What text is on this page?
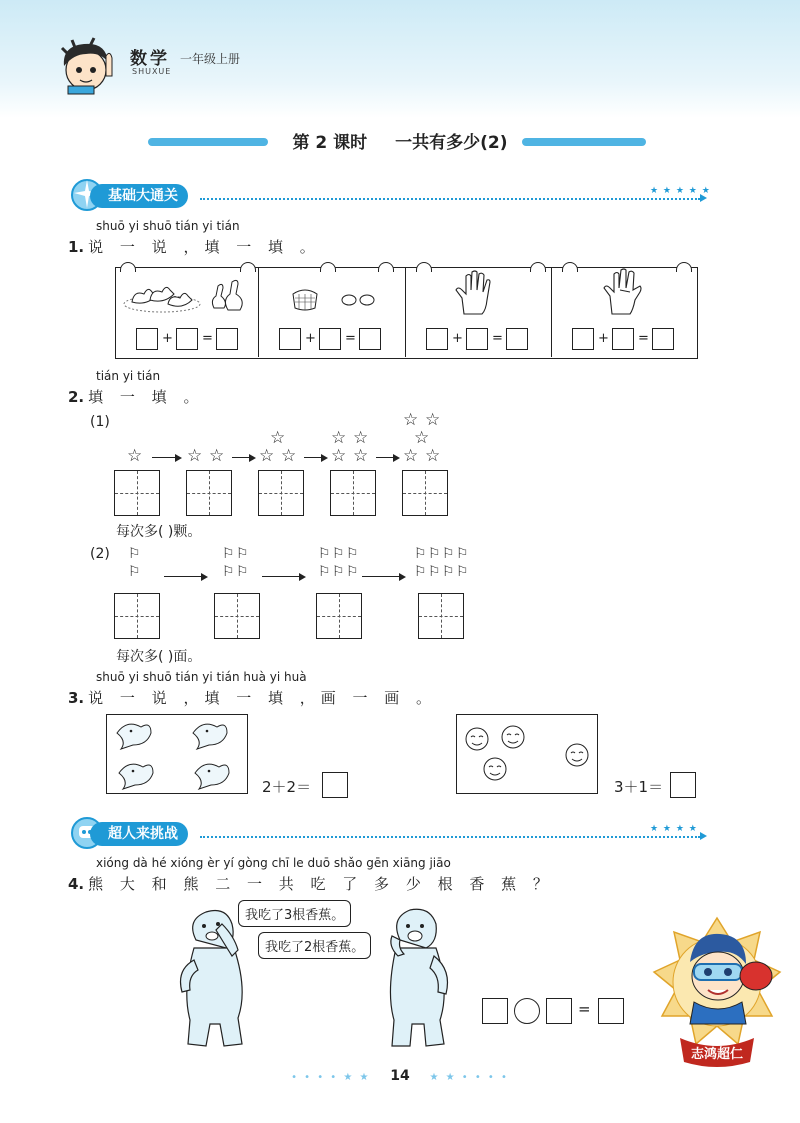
数学
SHUXUE
一年级上册
第 2 课时 一共有多少(2)
基础大通关	★ ★ ★ ★ ★
shuō yi shuō tián yi tián
1. 说 一 说 ，填 一 填 。
+ =	+ =	+ =	+ =
tián yi tián
2. 填 一 填 。
(1)
☆	☆ ☆
☆
☆ ☆
☆ ☆
☆ ☆
☆ ☆
☆
☆ ☆
每次多( )颗。
(2) ⚐
⚐
⚐ ⚐
⚐ ⚐
⚐ ⚐ ⚐
⚐ ⚐ ⚐
⚐ ⚐ ⚐ ⚐
⚐ ⚐ ⚐ ⚐
每次多( )面。
shuō yi shuō tián yi tián huà yi huà
3. 说 一 说 ，填 一 填 ，画 一 画 。
2＋2＝	3＋1＝
超人来挑战	★ ★ ★ ★
xióng dà hé xióng èr yí gòng chī le duō shǎo gēn xiāng jiāo
4. 熊 大 和 熊 二 一 共 吃 了 多 少 根 香 蕉 ？
我吃了3根香蕉。
我吃了2根香蕉。
=
志鸿超仁
• • • • ★ ★ 14 ★ ★ • • • •
